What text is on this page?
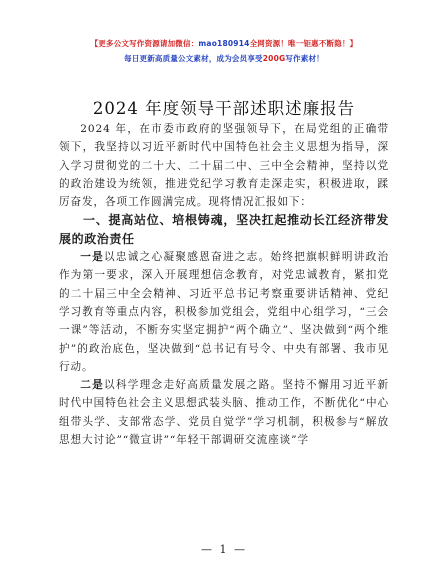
【更多公文写作资源请加微信：mao180914全网资源！唯一钜惠不断隐！】
每日更新高质量公文素材，成为会员享受200G写作素材！
2024 年度领导干部述职述廉报告

2024 年，在市委市政府的坚强领导下，在局党组的正确带领下，我坚持以习近平新时代中国特色社会主义思想为指导，深入学习贯彻党的二十大、二十届二中、三中全会精神，坚持以党的政治建设为统领，推进党纪学习教育走深走实，积极进取，蹂厉奋发，各项工作圆满完成。现将情况汇报如下：

一、提高站位、培根铸魂，坚决扛起推动长江经济带发展的政治责任

一是以忠诚之心凝聚感恩奋进之志。始终把旗帜鲜明讲政治作为第一要求，深入开展理想信念教育，对党忠诚教育，紧扣党的二十届三中全会精神、习近平总书记考察重要讲话精神、党纪学习教育等重点内容，积极参加党组会，党组中心组学习，“三会一课”等活动，不断夯实坚定拥护“两个确立”、坚决做到“两个维护”的政治底色，坚决做到“总书记有号令、中央有部署、我市见行动。

二是以科学理念走好高质量发展之路。坚持不懈用习近平新时代中国特色社会主义思想武装头脑、推动工作，不断优化“中心组带头学、支部常态学、党员自觉学”学习机制，积极参与“解放思想大讨论”“微宣讲”“年轻干部调研交流座谈”学

— 1 —
